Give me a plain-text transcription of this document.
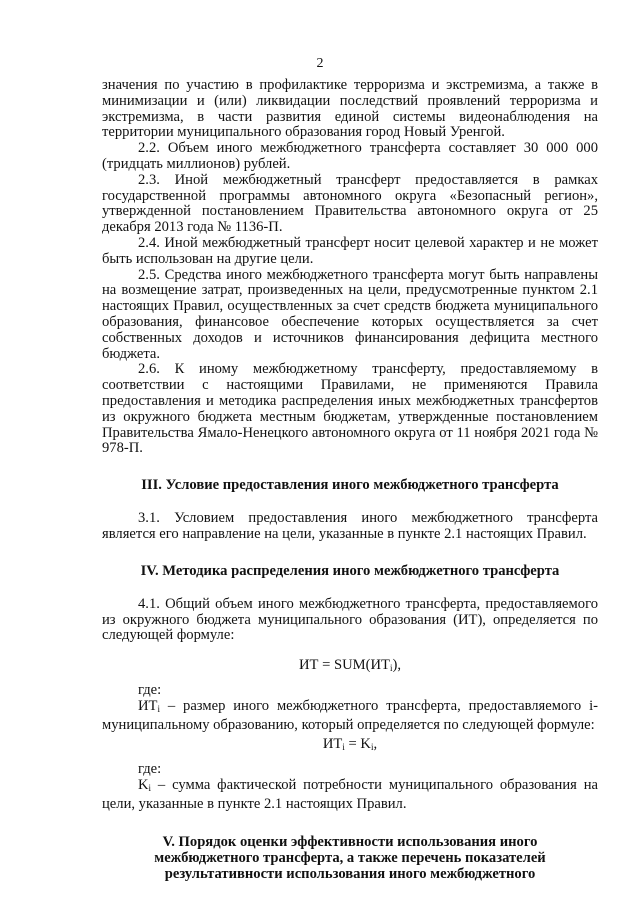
2

значения по участию в профилактике терроризма и экстремизма, а также в минимизации и (или) ликвидации последствий проявлений терроризма и экстремизма, в части развития единой системы видеонаблюдения на территории муниципального образования город Новый Уренгой.

2.2. Объем иного межбюджетного трансферта составляет 30 000 000 (тридцать миллионов) рублей.

2.3. Иной межбюджетный трансферт предоставляется в рамках государственной программы автономного округа «Безопасный регион», утвержденной постановлением Правительства автономного округа от 25 декабря 2013 года № 1136-П.

2.4. Иной межбюджетный трансферт носит целевой характер и не может быть использован на другие цели.

2.5. Средства иного межбюджетного трансферта могут быть направлены на возмещение затрат, произведенных на цели, предусмотренные пунктом 2.1 настоящих Правил, осуществленных за счет средств бюджета муниципального образования, финансовое обеспечение которых осуществляется за счет собственных доходов и источников финансирования дефицита местного бюджета.

2.6. К иному межбюджетному трансферту, предоставляемому в соответствии с настоящими Правилами, не применяются Правила предоставления и методика распределения иных межбюджетных трансфертов из окружного бюджета местным бюджетам, утвержденные постановлением Правительства Ямало-Ненецкого автономного округа от 11 ноября 2021 года № 978-П.

III. Условие предоставления иного межбюджетного трансферта

3.1. Условием предоставления иного межбюджетного трансферта является его направление на цели, указанные в пункте 2.1 настоящих Правил.

IV. Методика распределения иного межбюджетного трансферта

4.1. Общий объем иного межбюджетного трансферта, предоставляемого из окружного бюджета муниципального образования (ИТ), определяется по следующей формуле:

ИТ = $SUM(ИТ_i)$,

где:

$ИТ_i$ – размер иного межбюджетного трансферта, предоставляемого i-муниципальному образованию, который определяется по следующей формуле:

$ИТ_i = K_i$,

где:

$K_i$ – сумма фактической потребности муниципального образования на цели, указанные в пункте 2.1 настоящих Правил.

V. Порядок оценки эффективности использования иного
межбюджетного трансферта, а также перечень показателей
результативности использования иного межбюджетного
